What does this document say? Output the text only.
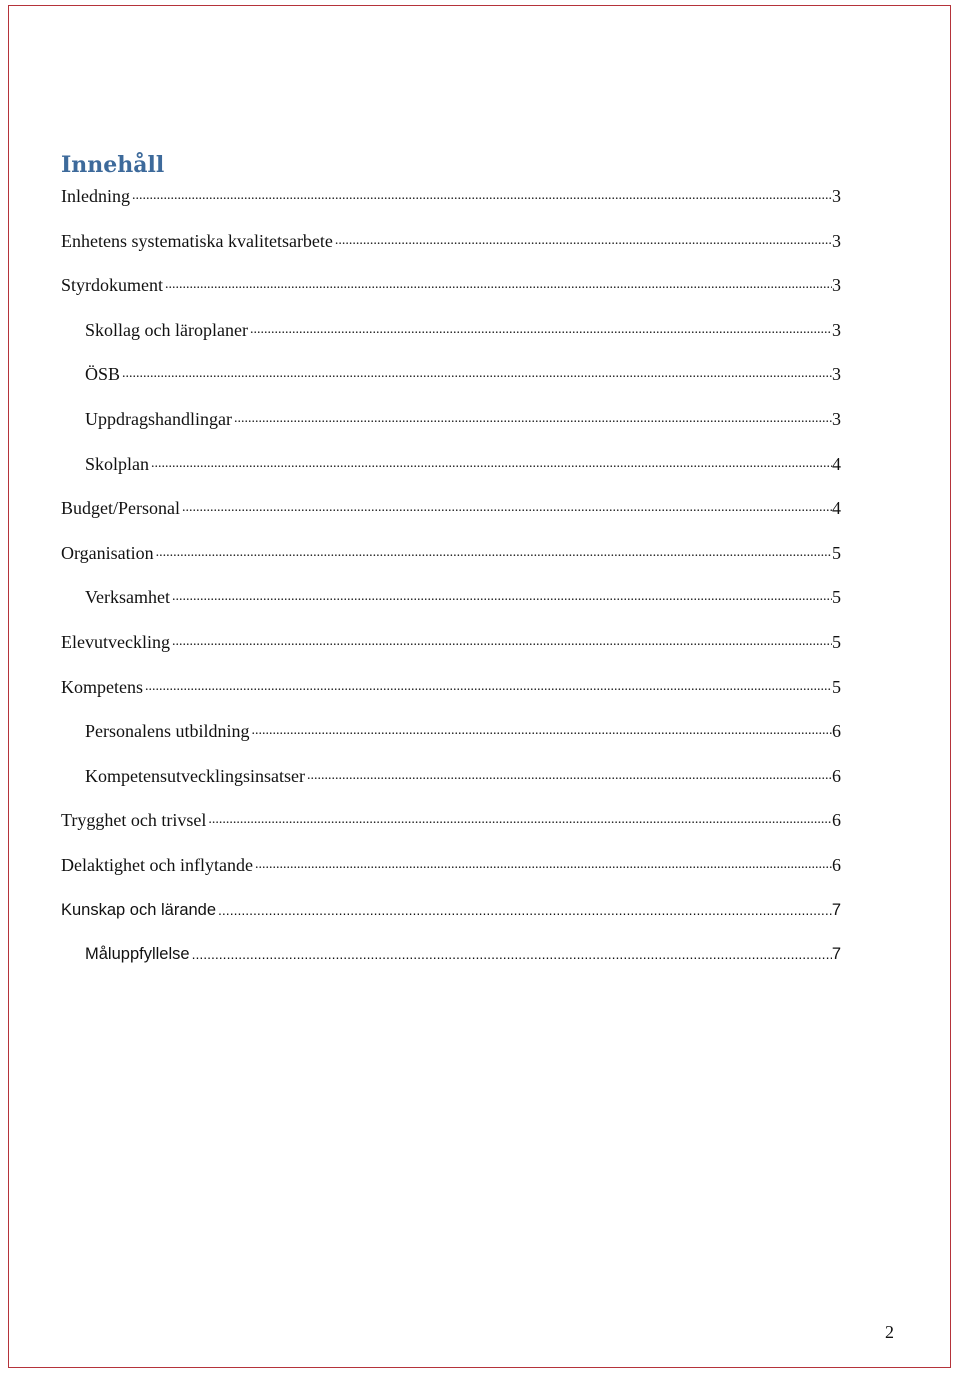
Innehåll
Inledning .....	3
Enhetens systematiska kvalitetsarbete .....	3
Styrdokument .....	3
Skollag och läroplaner .....	3
ÖSB .....	3
Uppdragshandlingar .....	3
Skolplan .....	4
Budget/Personal .....	4
Organisation .....	5
Verksamhet .....	5
Elevutveckling .....	5
Kompetens .....	5
Personalens utbildning .....	6
Kompetensutvecklingsinsatser .....	6
Trygghet och trivsel .....	6
Delaktighet och inflytande .....	6
Kunskap och lärande .....	7
Måluppfyllelse .....	7
2
